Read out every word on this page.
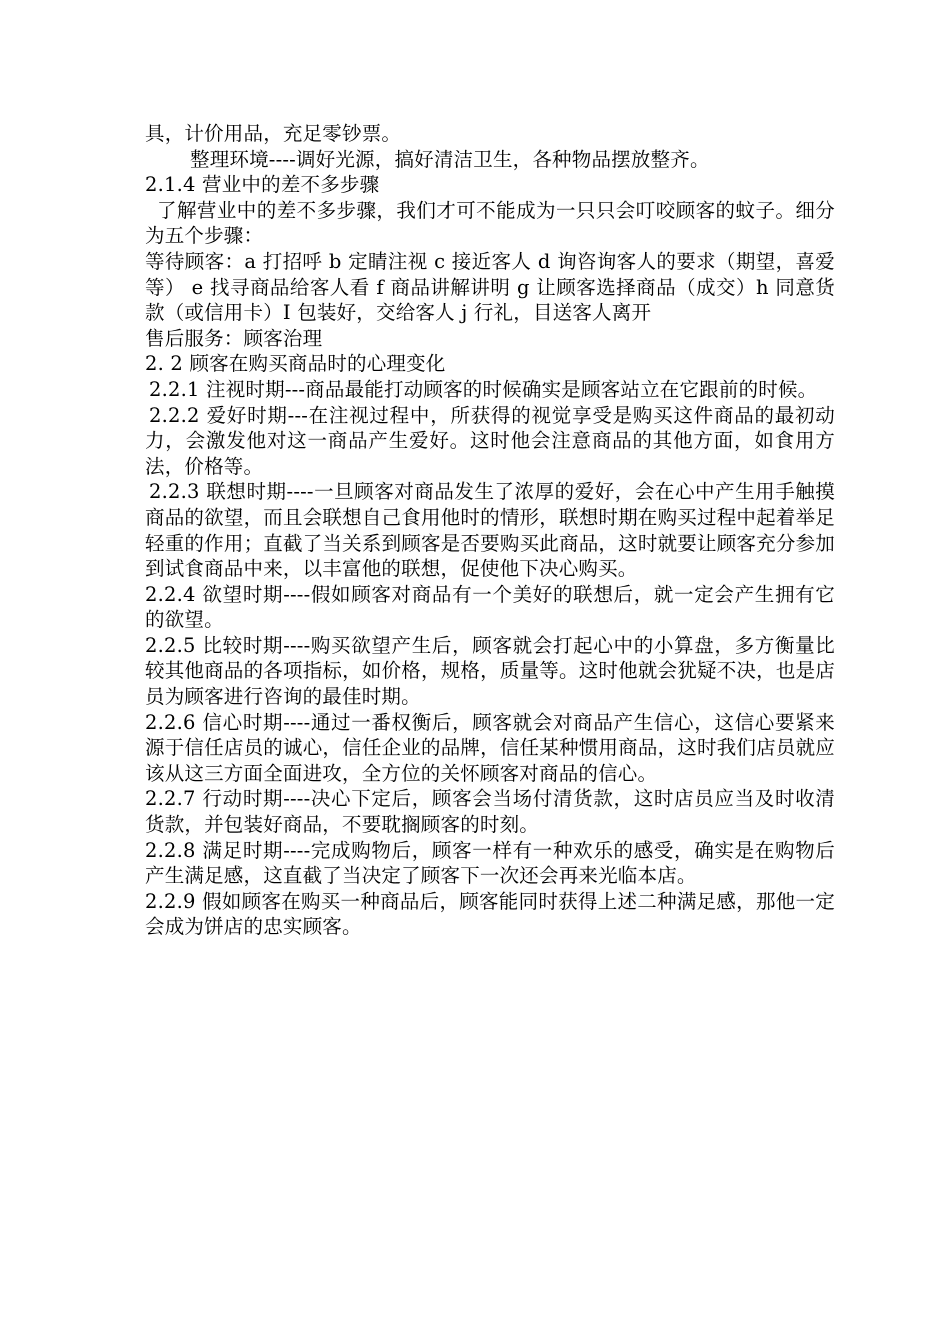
具，计价用品，充足零钞票。

整理环境----调好光源，搞好清洁卫生，各种物品摆放整齐。

2.1.4 营业中的差不多步骤

了解营业中的差不多步骤，我们才可不能成为一只只会叮咬顾客的蚊子。细分为五个步骤：

等待顾客：a 打招呼 b 定睛注视 c 接近客人 d 询咨询客人的要求（期望，喜爱等） e 找寻商品给客人看 f 商品讲解讲明 g 让顾客选择商品（成交）h 同意货款（或信用卡）I 包装好，交给客人 j 行礼，目送客人离开

售后服务：顾客治理

2. 2 顾客在购买商品时的心理变化

2.2.1 注视时期---商品最能打动顾客的时候确实是顾客站立在它跟前的时候。

2.2.2 爱好时期---在注视过程中，所获得的视觉享受是购买这件商品的最初动力，会激发他对这一商品产生爱好。这时他会注意商品的其他方面，如食用方法，价格等。

2.2.3 联想时期----一旦顾客对商品发生了浓厚的爱好，会在心中产生用手触摸商品的欲望，而且会联想自己食用他时的情形，联想时期在购买过程中起着举足轻重的作用；直截了当关系到顾客是否要购买此商品，这时就要让顾客充分参加到试食商品中来，以丰富他的联想，促使他下决心购买。

2.2.4 欲望时期----假如顾客对商品有一个美好的联想后，就一定会产生拥有它的欲望。

2.2.5 比较时期----购买欲望产生后，顾客就会打起心中的小算盘，多方衡量比较其他商品的各项指标，如价格，规格，质量等。这时他就会犹疑不决，也是店员为顾客进行咨询的最佳时期。

2.2.6 信心时期----通过一番权衡后，顾客就会对商品产生信心，这信心要紧来源于信任店员的诚心，信任企业的品牌，信任某种惯用商品，这时我们店员就应该从这三方面全面进攻，全方位的关怀顾客对商品的信心。

2.2.7 行动时期----决心下定后，顾客会当场付清货款，这时店员应当及时收清货款，并包装好商品，不要耽搁顾客的时刻。

2.2.8 满足时期----完成购物后，顾客一样有一种欢乐的感受，确实是在购物后产生满足感，这直截了当决定了顾客下一次还会再来光临本店。

2.2.9 假如顾客在购买一种商品后，顾客能同时获得上述二种满足感，那他一定会成为饼店的忠实顾客。
